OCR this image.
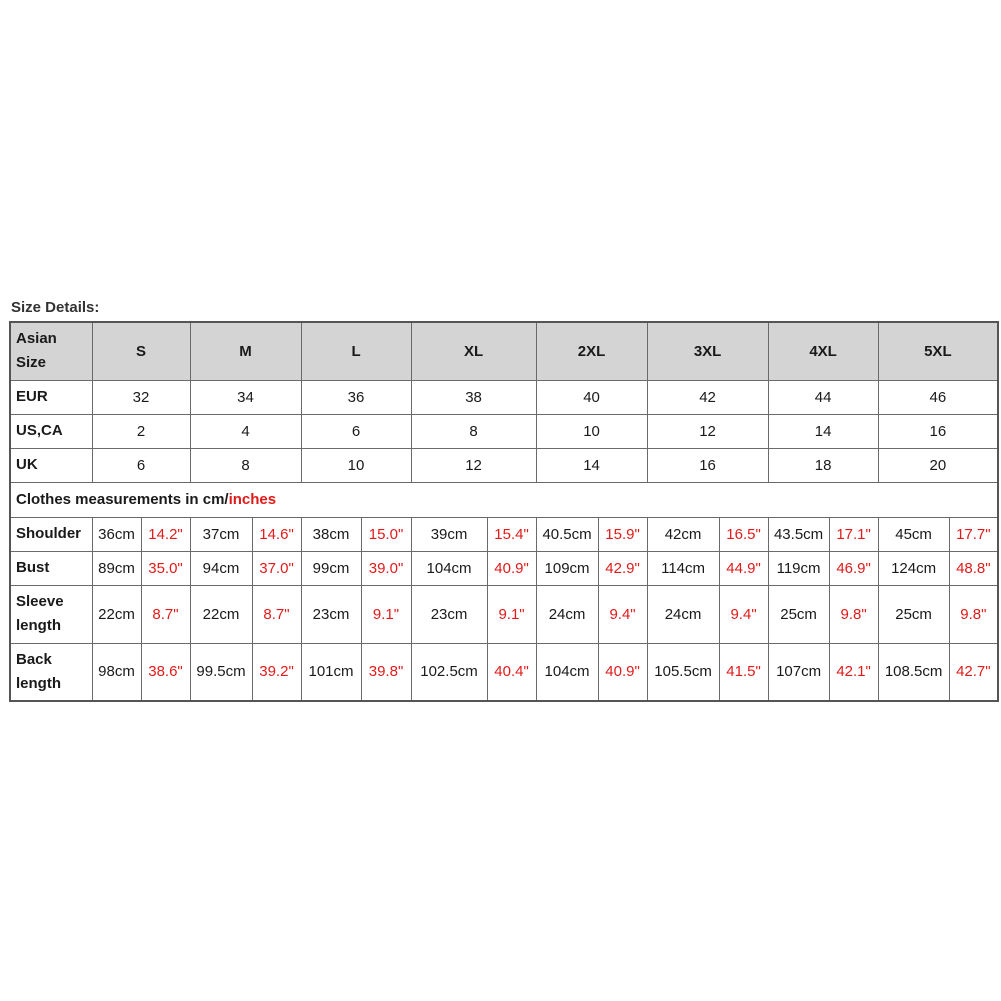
Size Details:
Asian Size	S		M		L		XL		2XL		3XL		4XL		5XL	
EUR	32		34		36		38		40		42		44		46	
US,CA	2		4		6		8		10		12		14		16	
UK	6		8		10		12		14		16		18		20	
Clothes measurements in cm/inches																
Shoulder	36cm	14.2"	37cm	14.6"	38cm	15.0"	39cm	15.4"	40.5cm	15.9"	42cm	16.5"	43.5cm	17.1"	45cm	17.7"
Bust	89cm	35.0"	94cm	37.0"	99cm	39.0"	104cm	40.9"	109cm	42.9"	114cm	44.9"	119cm	46.9"	124cm	48.8"
Sleeve length	22cm	8.7"	22cm	8.7"	23cm	9.1"	23cm	9.1"	24cm	9.4"	24cm	9.4"	25cm	9.8"	25cm	9.8"
Back length	98cm	38.6"	99.5cm	39.2"	101cm	39.8"	102.5cm	40.4"	104cm	40.9"	105.5cm	41.5"	107cm	42.1"	108.5cm	42.7"
